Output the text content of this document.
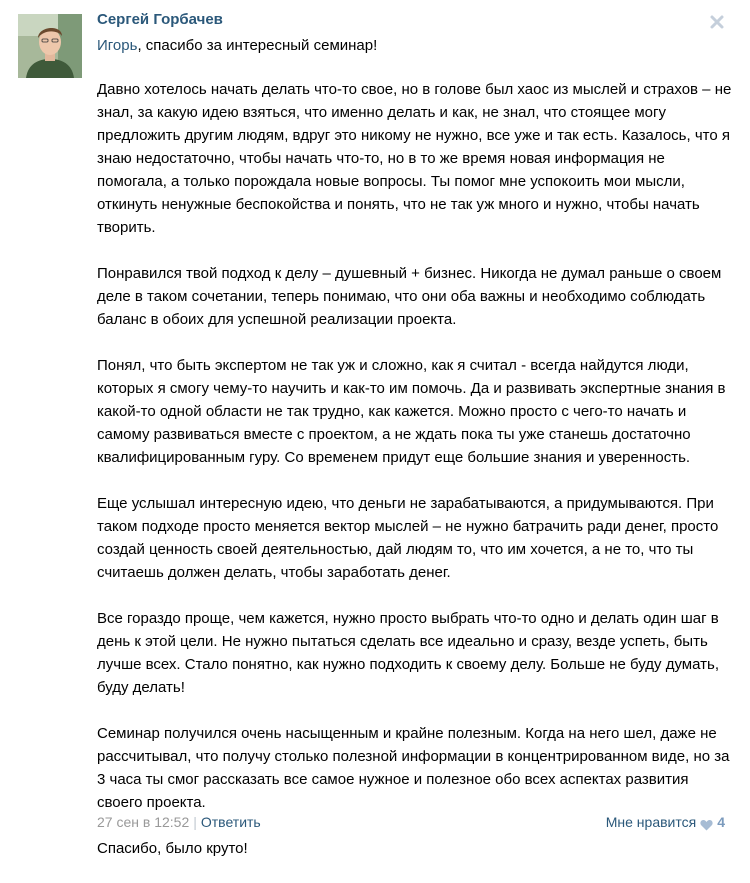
Сергей Горбачев

Игорь, спасибо за интересный семинар!

Давно хотелось начать делать что-то свое, но в голове был хаос из мыслей и страхов – не знал, за какую идею взяться, что именно делать и как, не знал, что стоящее могу предложить другим людям, вдруг это никому не нужно, все уже и так есть. Казалось, что я знаю недостаточно, чтобы начать что-то, но в то же время новая информация не помогала, а только порождала новые вопросы. Ты помог мне успокоить мои мысли, откинуть ненужные беспокойства и понять, что не так уж много и нужно, чтобы начать творить.

Понравился твой подход к делу – душевный + бизнес. Никогда не думал раньше о своем деле в таком сочетании, теперь понимаю, что они оба важны и необходимо соблюдать баланс в обоих для успешной реализации проекта.

Понял, что быть экспертом не так уж и сложно, как я считал - всегда найдутся люди, которых я смогу чему-то научить и как-то им помочь. Да и развивать экспертные знания в какой-то одной области не так трудно, как кажется. Можно просто с чего-то начать и самому развиваться вместе с проектом, а не ждать пока ты уже станешь достаточно квалифицированным гуру. Со временем придут еще большие знания и уверенность.

Еще услышал интересную идею, что деньги не зарабатываются, а придумываются. При таком подходе просто меняется вектор мыслей – не нужно батрачить ради денег, просто создай ценность своей деятельностью, дай людям то, что им хочется, а не то, что ты считаешь должен делать, чтобы заработать денег.

Все гораздо проще, чем кажется, нужно просто выбрать что-то одно и делать один шаг в день к этой цели. Не нужно пытаться сделать все идеально и сразу, везде успеть, быть лучше всех. Стало понятно, как нужно подходить к своему делу. Больше не буду думать, буду делать!

Семинар получился очень насыщенным и крайне полезным. Когда на него шел, даже не рассчитывал, что получу столько полезной информации в концентрированном виде, но за 3 часа ты смог рассказать все самое нужное и полезное обо всех аспектах развития своего проекта.

Спасибо, было круто!

27 сен в 12:52 | Ответить	Мне нравится 4
